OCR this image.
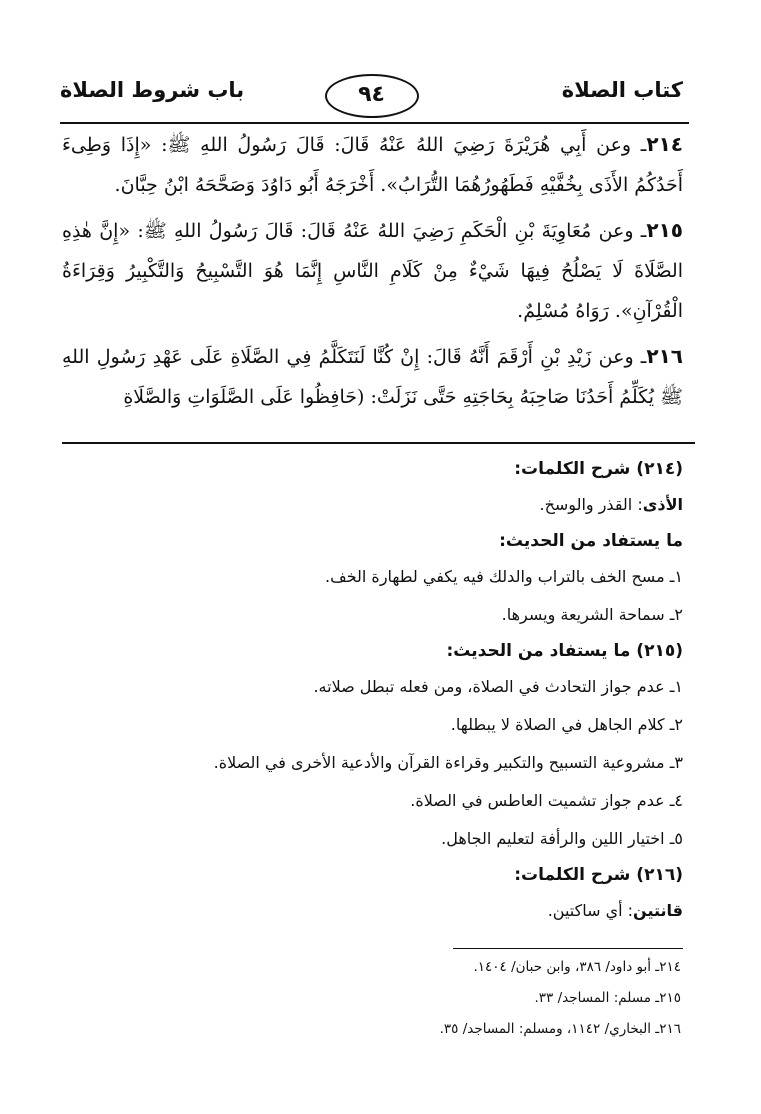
كتاب الصلاة
٩٤
باب شروط الصلاة
٢١٤ـ وعن أَبِي هُرَيْرَةَ رَضِيَ اللهُ عَنْهُ قَالَ: قَالَ رَسُولُ اللهِ ﷺ: «إِذَا وَطِىءَ أَحَدُكُمُ الأَذَى بِخُفَّيْهِ فَطَهُورُهُمَا التُّرَابُ». أَخْرَجَهُ أَبُو دَاوُدَ وَصَحَّحَهُ ابْنُ حِبَّانَ.
٢١٥ـ وعن مُعَاوِيَةَ بْنِ الْحَكَمِ رَضِيَ اللهُ عَنْهُ قَالَ: قَالَ رَسُولُ اللهِ ﷺ: «إِنَّ هٰذِهِ الصَّلَاةَ لَا يَصْلُحُ فِيهَا شَيْءٌ مِنْ كَلَامِ النَّاسِ إِنَّمَا هُوَ التَّسْبِيحُ وَالتَّكْبِيرُ وَقِرَاءَةُ الْقُرْآنِ». رَوَاهُ مُسْلِمٌ.
٢١٦ـ وعن زَيْدِ بْنِ أَرْقَمَ أَنَّهُ قَالَ: إِنْ كُنَّا لَنَتَكَلَّمُ فِي الصَّلَاةِ عَلَى عَهْدِ رَسُولِ اللهِ ﷺ يُكَلِّمُ أَحَدُنَا صَاحِبَهُ بِحَاجَتِهِ حَتَّى نَزَلَتْ: (حَافِظُوا عَلَى الصَّلَوَاتِ وَالصَّلَاةِ
(٢١٤) شرح الكلمات:
الأذى: القذر والوسخ.
ما يستفاد من الحديث:
١ـ مسح الخف بالتراب والدلك فيه يكفي لطهارة الخف.
٢ـ سماحة الشريعة ويسرها.
(٢١٥) ما يستفاد من الحديث:
١ـ عدم جواز التحادث في الصلاة، ومن فعله تبطل صلاته.
٢ـ كلام الجاهل في الصلاة لا يبطلها.
٣ـ مشروعية التسبيح والتكبير وقراءة القرآن والأدعية الأخرى في الصلاة.
٤ـ عدم جواز تشميت العاطس في الصلاة.
٥ـ اختيار اللين والرأفة لتعليم الجاهل.
(٢١٦) شرح الكلمات:
قانتين: أي ساكتين.
٢١٤ـ أبو داود/ ٣٨٦، وابن حبان/ ١٤٠٤.
٢١٥ـ مسلم: المساجد/ ٣٣.
٢١٦ـ البخاري/ ١١٤٢، ومسلم: المساجد/ ٣٥.
